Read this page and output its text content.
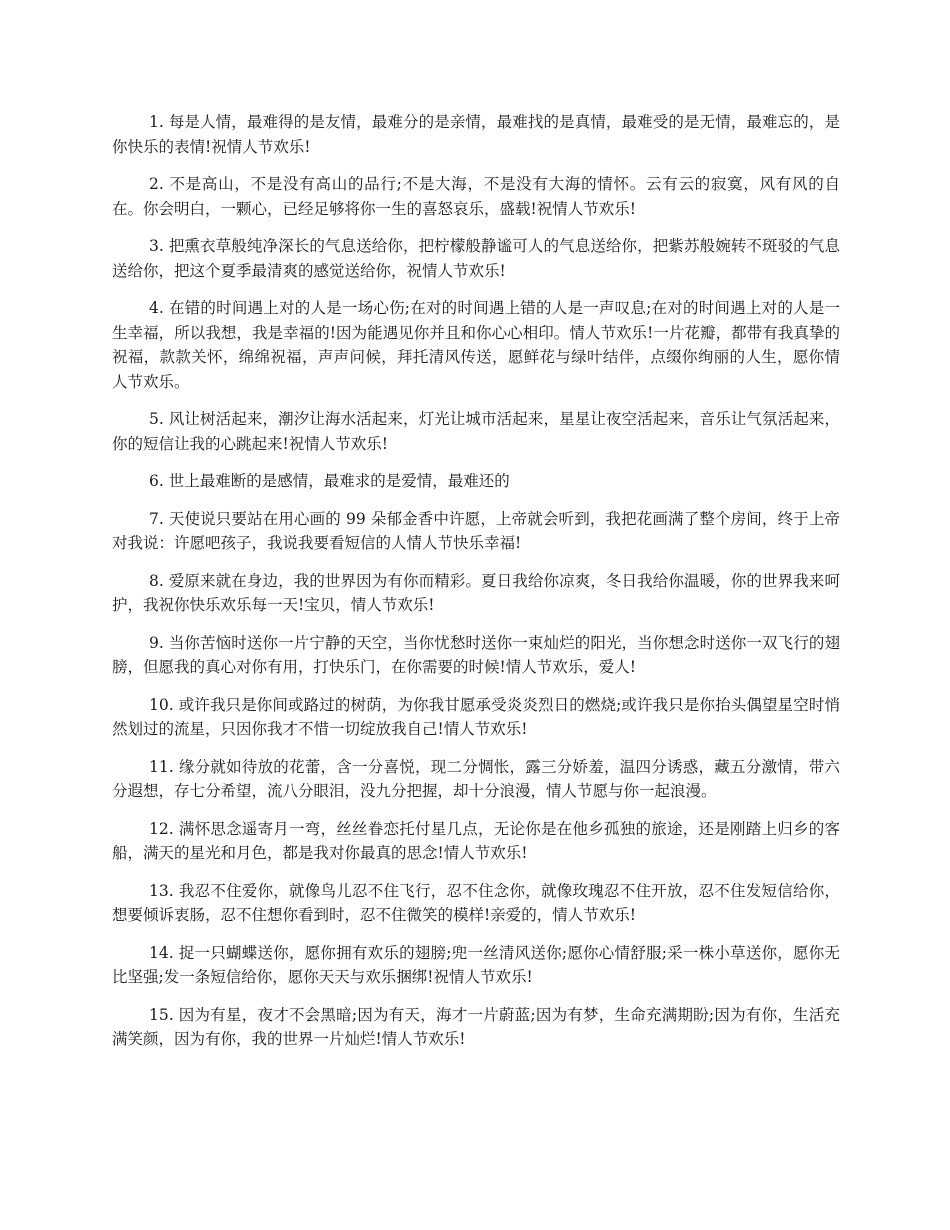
1. 每是人情，最难得的是友情，最难分的是亲情，最难找的是真情，最难受的是无情，最难忘的，是你快乐的表情!祝情人节欢乐!

2. 不是高山，不是没有高山的品行;不是大海，不是没有大海的情怀。云有云的寂寞，风有风的自在。你会明白，一颗心，已经足够将你一生的喜怒哀乐，盛载!祝情人节欢乐!

3. 把熏衣草般纯净深长的气息送给你，把柠檬般静谧可人的气息送给你，把紫苏般婉转不斑驳的气息送给你，把这个夏季最清爽的感觉送给你，祝情人节欢乐!

4. 在错的时间遇上对的人是一场心伤;在对的时间遇上错的人是一声叹息;在对的时间遇上对的人是一生幸福，所以我想，我是幸福的!因为能遇见你并且和你心心相印。情人节欢乐!一片花瓣，都带有我真挚的祝福，款款关怀，绵绵祝福，声声问候，拜托清风传送，愿鲜花与绿叶结伴，点缀你绚丽的人生，愿你情人节欢乐。

5. 风让树活起来，潮汐让海水活起来，灯光让城市活起来，星星让夜空活起来，音乐让气氛活起来，你的短信让我的心跳起来!祝情人节欢乐!

6. 世上最难断的是感情，最难求的是爱情，最难还的

7. 天使说只要站在用心画的 99 朵郁金香中许愿，上帝就会听到，我把花画满了整个房间，终于上帝对我说：许愿吧孩子，我说我要看短信的人情人节快乐幸福!

8. 爱原来就在身边，我的世界因为有你而精彩。夏日我给你凉爽，冬日我给你温暖，你的世界我来呵护，我祝你快乐欢乐每一天!宝贝，情人节欢乐!

9. 当你苦恼时送你一片宁静的天空，当你忧愁时送你一束灿烂的阳光，当你想念时送你一双飞行的翅膀，但愿我的真心对你有用，打快乐门，在你需要的时候!情人节欢乐，爱人!

10. 或许我只是你间或路过的树荫，为你我甘愿承受炎炎烈日的燃烧;或许我只是你抬头偶望星空时悄然划过的流星，只因你我才不惜一切绽放我自己!情人节欢乐!

11. 缘分就如待放的花蕾，含一分喜悦，现二分惆怅，露三分娇羞，温四分诱惑，藏五分激情，带六分遐想，存七分希望，流八分眼泪，没九分把握，却十分浪漫，情人节愿与你一起浪漫。

12. 满怀思念遥寄月一弯，丝丝眷恋托付星几点，无论你是在他乡孤独的旅途，还是刚踏上归乡的客船，满天的星光和月色，都是我对你最真的思念!情人节欢乐!

13. 我忍不住爱你，就像鸟儿忍不住飞行，忍不住念你，就像玫瑰忍不住开放，忍不住发短信给你，想要倾诉衷肠，忍不住想你看到时，忍不住微笑的模样!亲爱的，情人节欢乐!

14. 捉一只蝴蝶送你，愿你拥有欢乐的翅膀;兜一丝清风送你;愿你心情舒服;采一株小草送你，愿你无比坚强;发一条短信给你，愿你天天与欢乐捆绑!祝情人节欢乐!

15. 因为有星，夜才不会黑暗;因为有天，海才一片蔚蓝;因为有梦，生命充满期盼;因为有你，生活充满笑颜，因为有你，我的世界一片灿烂!情人节欢乐!
